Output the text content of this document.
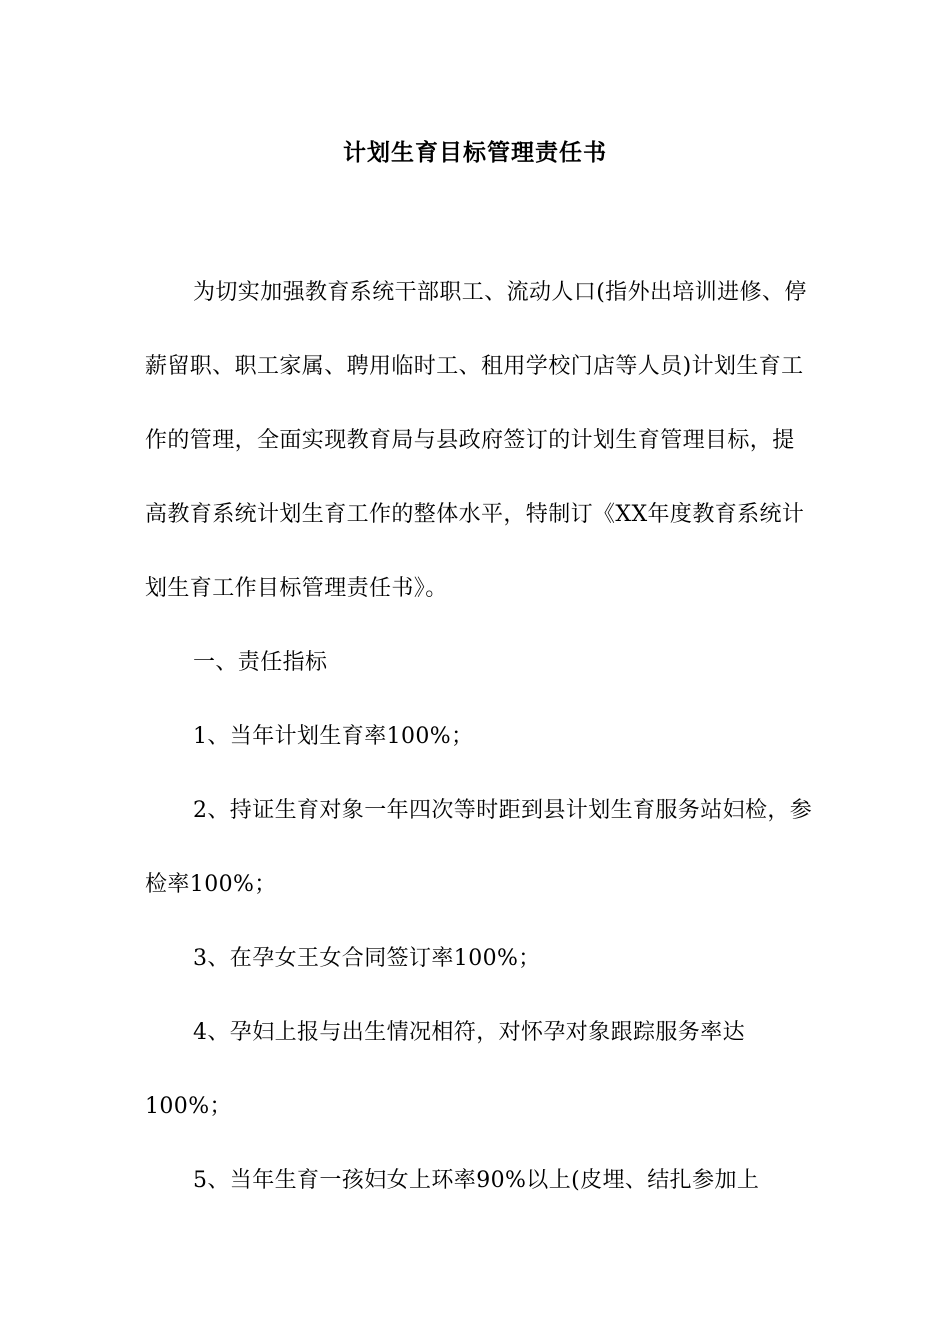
计划生育目标管理责任书

为切实加强教育系统干部职工、流动人口(指外出培训进修、停薪留职、职工家属、聘用临时工、租用学校门店等人员)计划生育工作的管理，全面实现教育局与县政府签订的计划生育管理目标，提高教育系统计划生育工作的整体水平，特制订《XX年度教育系统计划生育工作目标管理责任书》。

一、责任指标

1、当年计划生育率100%；

2、持证生育对象一年四次等时距到县计划生育服务站妇检，参检率100%；

3、在孕女王女合同签订率100%；

4、孕妇上报与出生情况相符，对怀孕对象跟踪服务率达100%；

5、当年生育一孩妇女上环率90%以上(皮埋、结扎参加上
